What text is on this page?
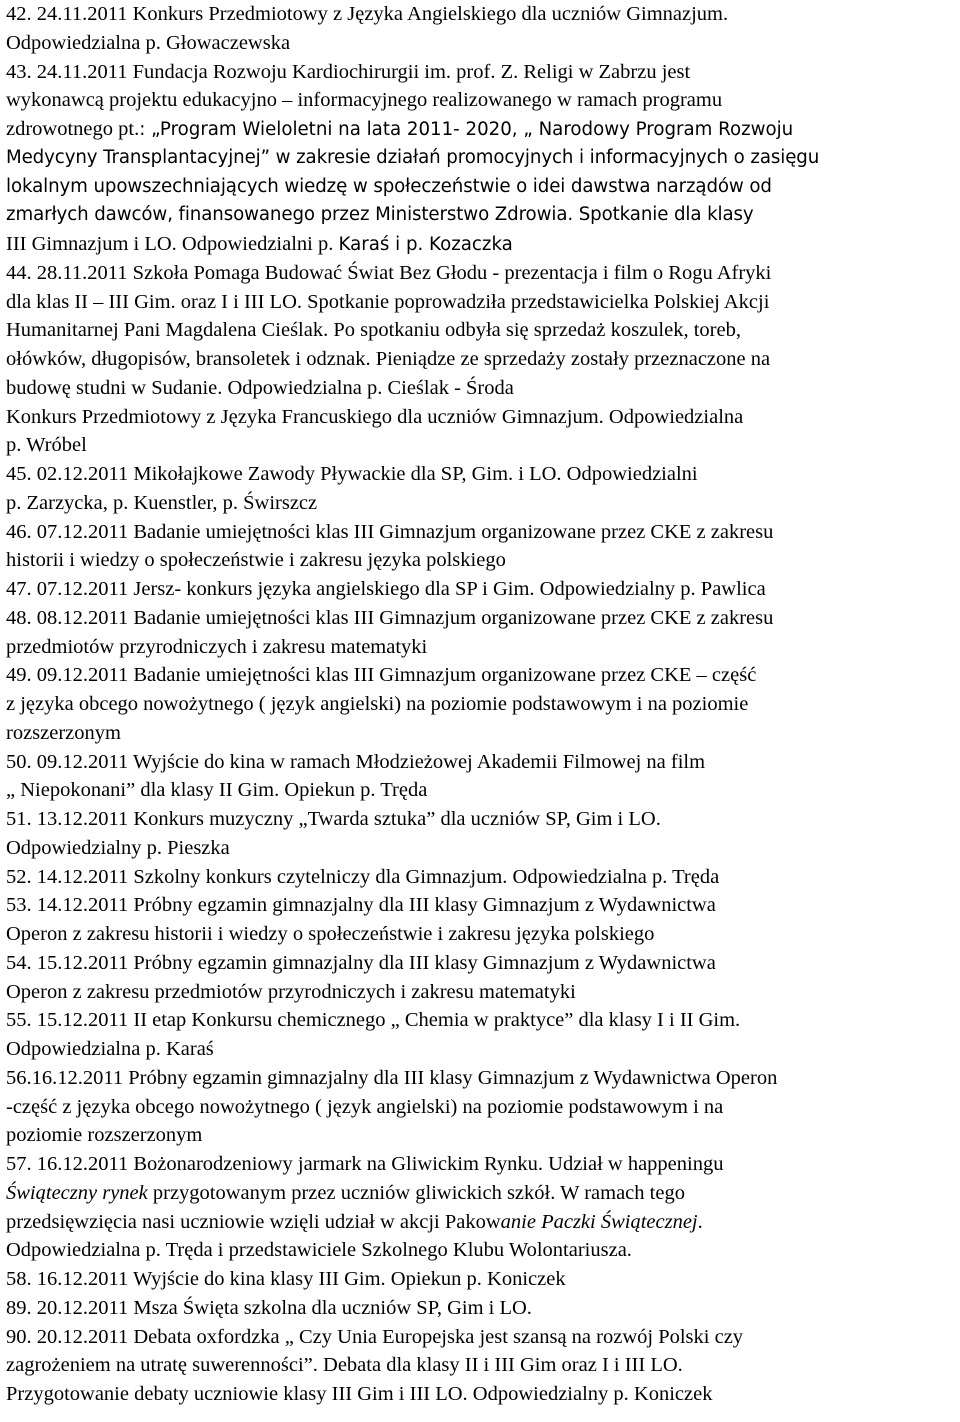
42. 24.11.2011 Konkurs Przedmiotowy z Języka Angielskiego dla uczniów Gimnazjum.
Odpowiedzialna p. Głowaczewska
43. 24.11.2011 Fundacja Rozwoju Kardiochirurgii im. prof. Z. Religi w Zabrzu jest
wykonawcą projektu edukacyjno – informacyjnego realizowanego w ramach programu
zdrowotnego pt.: „Program Wieloletni na lata 2011- 2020, „ Narodowy Program Rozwoju
Medycyny Transplantacyjnej” w zakresie działań promocyjnych i informacyjnych o zasięgu
lokalnym upowszechniających wiedzę w społeczeństwie o idei dawstwa narządów od
zmarłych dawców, finansowanego przez Ministerstwo Zdrowia. Spotkanie dla klasy
III Gimnazjum i LO. Odpowiedzialni p. Karaś i p. Kozaczka
44. 28.11.2011 Szkoła Pomaga Budować Świat Bez Głodu - prezentacja i film o Rogu Afryki
dla klas II – III Gim. oraz I i III LO. Spotkanie poprowadziła przedstawicielka Polskiej Akcji
Humanitarnej Pani Magdalena Cieślak. Po spotkaniu odbyła się sprzedaż koszulek, toreb,
ołówków, długopisów, bransoletek i odznak. Pieniądze ze sprzedaży zostały przeznaczone na
budowę studni w Sudanie. Odpowiedzialna p. Cieślak - Środa
Konkurs Przedmiotowy z Języka Francuskiego dla uczniów Gimnazjum. Odpowiedzialna
p. Wróbel
45. 02.12.2011 Mikołajkowe Zawody Pływackie dla SP, Gim. i LO. Odpowiedzialni
p. Zarzycka, p. Kuenstler, p. Świrszcz
46. 07.12.2011 Badanie umiejętności klas III Gimnazjum organizowane przez CKE z zakresu
historii i wiedzy o społeczeństwie i zakresu języka polskiego
47. 07.12.2011 Jersz- konkurs języka angielskiego dla SP i Gim. Odpowiedzialny p. Pawlica
48. 08.12.2011 Badanie umiejętności klas III Gimnazjum organizowane przez CKE z zakresu
przedmiotów przyrodniczych i zakresu matematyki
49. 09.12.2011 Badanie umiejętności klas III Gimnazjum organizowane przez CKE – część
z języka obcego nowożytnego ( język angielski) na poziomie podstawowym i na poziomie
rozszerzonym
50. 09.12.2011 Wyjście do kina w ramach Młodzieżowej Akademii Filmowej na film
„ Niepokonani” dla klasy II Gim. Opiekun p. Tręda
51. 13.12.2011 Konkurs muzyczny „Twarda sztuka” dla uczniów SP, Gim i LO.
Odpowiedzialny p. Pieszka
52. 14.12.2011 Szkolny konkurs czytelniczy dla Gimnazjum. Odpowiedzialna p. Tręda
53. 14.12.2011 Próbny egzamin gimnazjalny dla III klasy Gimnazjum z Wydawnictwa
Operon z zakresu historii i wiedzy o społeczeństwie i zakresu języka polskiego
54. 15.12.2011 Próbny egzamin gimnazjalny dla III klasy Gimnazjum z Wydawnictwa
Operon z zakresu przedmiotów przyrodniczych i zakresu matematyki
55. 15.12.2011 II etap Konkursu chemicznego „ Chemia w praktyce” dla klasy I i II Gim.
Odpowiedzialna p. Karaś
56.16.12.2011 Próbny egzamin gimnazjalny dla III klasy Gimnazjum z Wydawnictwa Operon
-część z języka obcego nowożytnego ( język angielski) na poziomie podstawowym i na
poziomie rozszerzonym
57. 16.12.2011 Bożonarodzeniowy jarmark na Gliwickim Rynku. Udział w happeningu
Świąteczny rynek przygotowanym przez uczniów gliwickich szkół. W ramach tego
przedsięwzięcia nasi uczniowie wzięli udział w akcji Pakowanie Paczki Świątecznej.
Odpowiedzialna p. Tręda i przedstawiciele Szkolnego Klubu Wolontariusza.
58. 16.12.2011 Wyjście do kina klasy III Gim. Opiekun p. Koniczek
89. 20.12.2011 Msza Święta szkolna dla uczniów SP, Gim i LO.
90. 20.12.2011 Debata oxfordzka „ Czy Unia Europejska jest szansą na rozwój Polski czy
zagrożeniem na utratę suwerenności”. Debata dla klasy II i III Gim oraz I i III LO.
Przygotowanie debaty uczniowie klasy III Gim i III LO. Odpowiedzialny p. Koniczek
